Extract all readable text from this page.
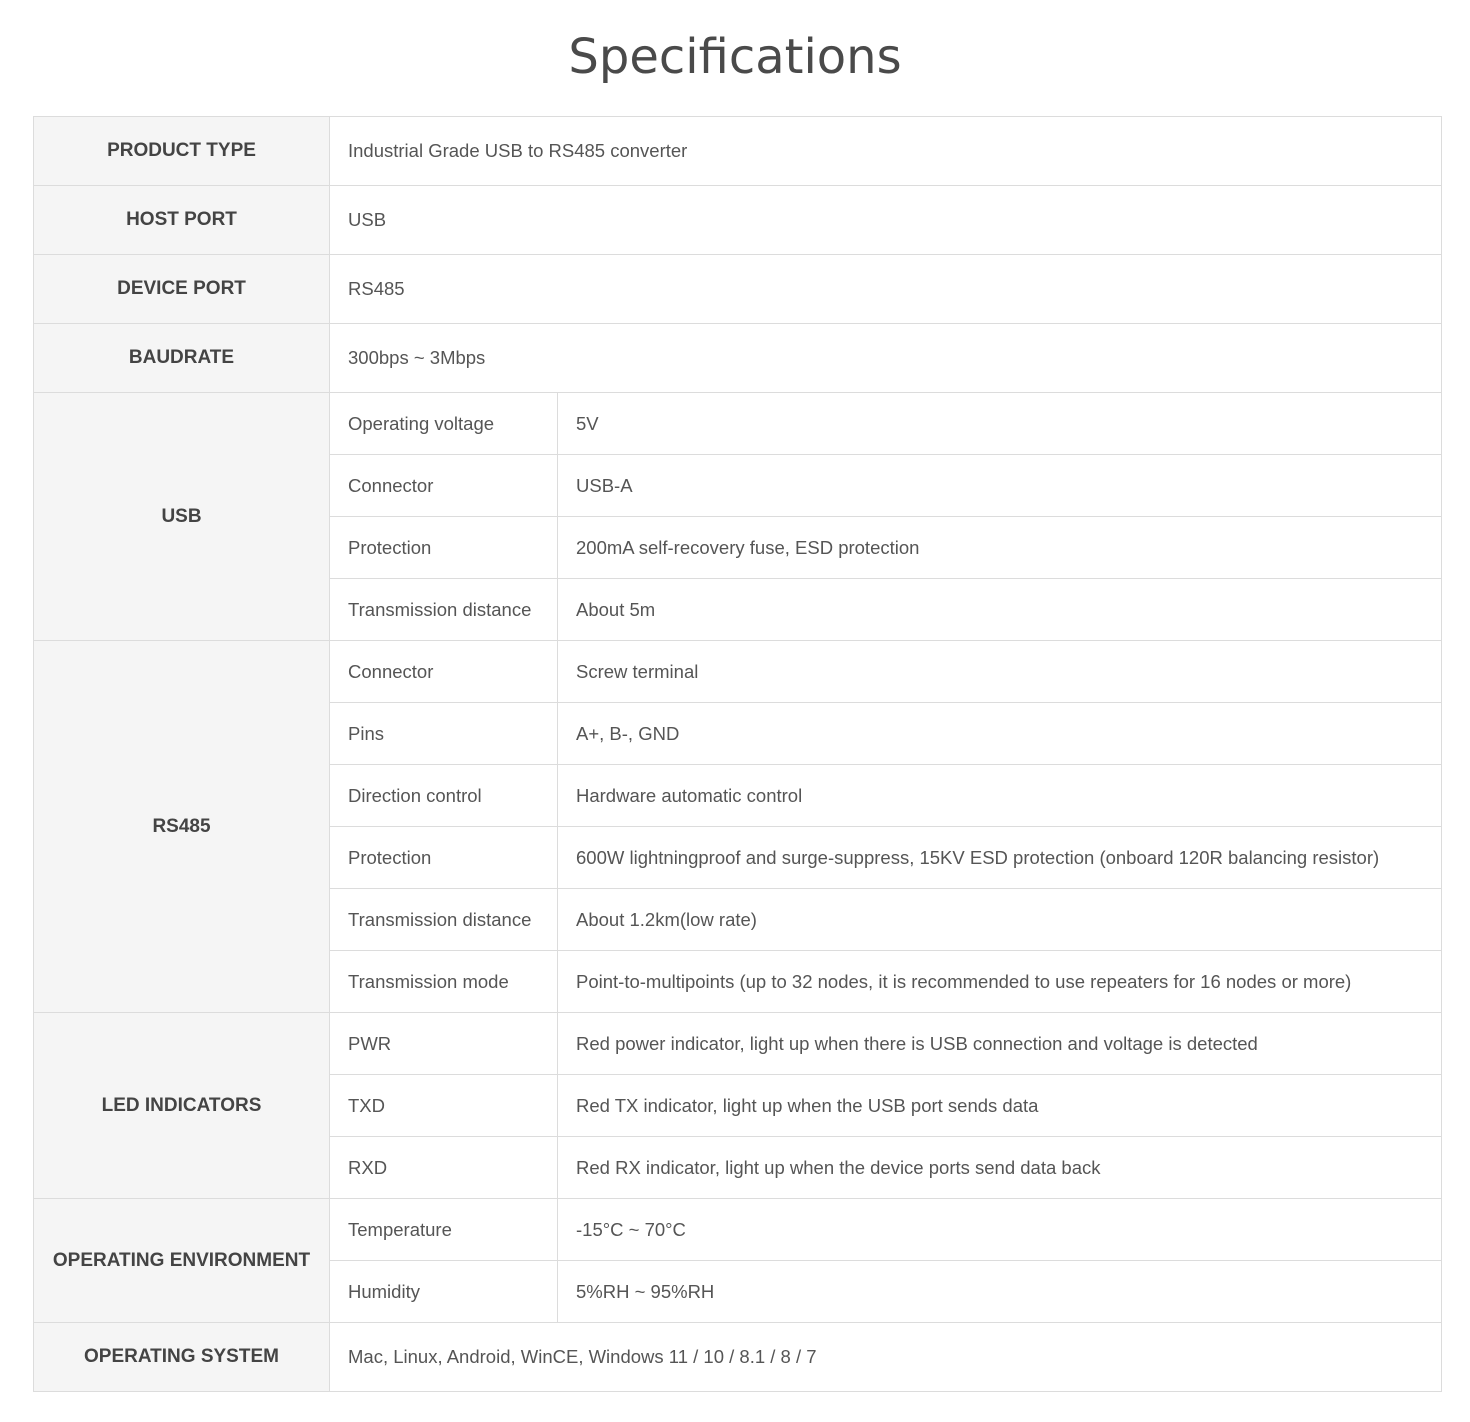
Specifications
PRODUCT TYPE	Industrial Grade USB to RS485 converter	
HOST PORT	USB	
DEVICE PORT	RS485	
BAUDRATE	300bps ~ 3Mbps	
USB	Operating voltage	5V
	Connector	USB-A
	Protection	200mA self-recovery fuse, ESD protection
	Transmission distance	About 5m
RS485	Connector	Screw terminal
	Pins	A+, B-, GND
	Direction control	Hardware automatic control
	Protection	600W lightningproof and surge-suppress, 15KV ESD protection (onboard 120R balancing resistor)
	Transmission distance	About 1.2km(low rate)
	Transmission mode	Point-to-multipoints (up to 32 nodes, it is recommended to use repeaters for 16 nodes or more)
LED INDICATORS	PWR	Red power indicator, light up when there is USB connection and voltage is detected
	TXD	Red TX indicator, light up when the USB port sends data
	RXD	Red RX indicator, light up when the device ports send data back
OPERATING ENVIRONMENT	Temperature	-15°C ~ 70°C
	Humidity	5%RH ~ 95%RH
OPERATING SYSTEM	Mac, Linux, Android, WinCE, Windows 11 / 10 / 8.1 / 8 / 7	
